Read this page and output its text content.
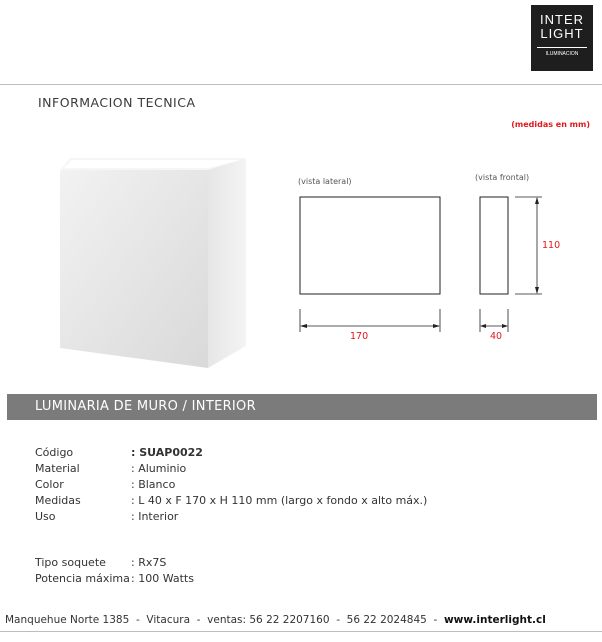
INTER
LIGHT
ILUMINACION
INFORMACION TECNICA
(medidas en mm)
(vista lateral)	(vista frontal)
170
110
40
LUMINARIA DE MURO / INTERIOR
Código	: SUAP0022
Material	: Aluminio
Color	: Blanco
Medidas	: L 40 x F 170 x H 110 mm (largo x fondo x alto máx.)
Uso	: Interior
Tipo soquete	: Rx7S
Potencia máxima : 100 Watts
Manquehue Norte 1385  -  Vitacura  -  ventas: 56 22 2207160  -  56 22 2024845  -  www.interlight.cl
